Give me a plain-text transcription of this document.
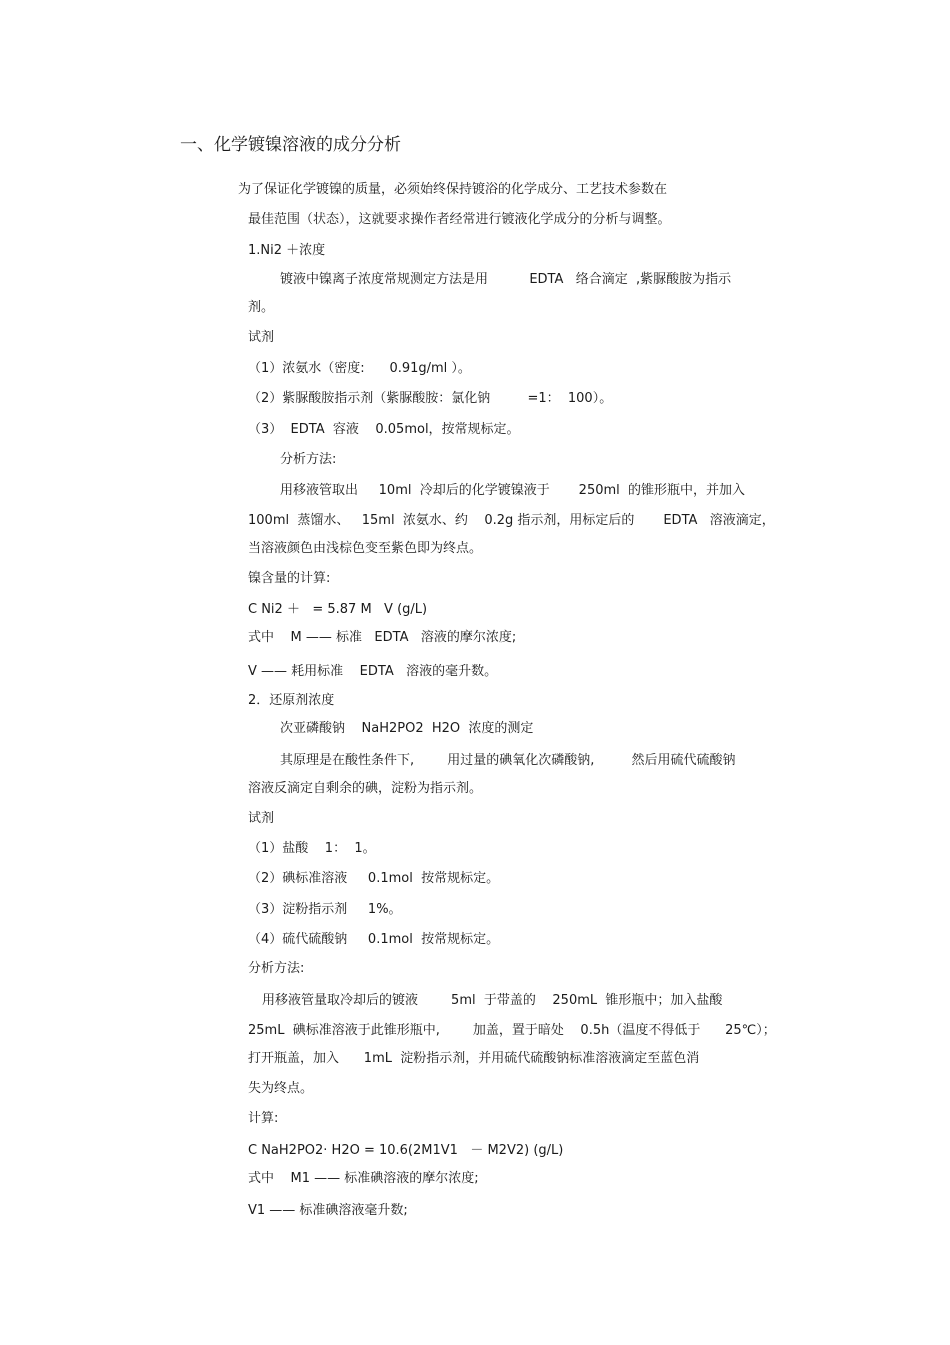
一、化学镀镍溶液的成分分析
为了保证化学镀镍的质量，必须始终保持镀浴的化学成分、工艺技术参数在
最佳范围（状态），这就要求操作者经常进行镀液化学成分的分析与调整。
1.Ni2 ＋浓度
镀液中镍离子浓度常规测定方法是用          EDTA   络合滴定  ,紫脲酸胺为指示
剂。
试剂
（1）浓氨水（密度:      0.91g/ml ）。
（2）紫脲酸胺指示剂（紫脲酸胺：氯化钠         =1：  100）。
（3）  EDTA  容液    0.05mol，按常规标定。
分析方法:
用移液管取出     10ml  冷却后的化学镀镍液于       250ml  的锥形瓶中，并加入
100ml  蒸馏水、   15ml  浓氨水、约    0.2g 指示剂，用标定后的       EDTA   溶液滴定，
当溶液颜色由浅棕色变至紫色即为终点。
镍含量的计算:
C Ni2 ＋   = 5.87 M   V (g/L)
式中    M —— 标准   EDTA   溶液的摩尔浓度;
V —— 耗用标准    EDTA   溶液的毫升数。
2．还原剂浓度
次亚磷酸钠    NaH2PO2  H2O  浓度的测定
其原理是在酸性条件下,        用过量的碘氧化次磷酸钠,         然后用硫代硫酸钠
溶液反滴定自剩余的碘，淀粉为指示剂。
试剂
（1）盐酸    1：  1。
（2）碘标准溶液     0.1mol  按常规标定。
（3）淀粉指示剂     1%。
（4）硫代硫酸钠     0.1mol  按常规标定。
分析方法:
用移液管量取冷却后的镀液        5ml  于带盖的    250mL  锥形瓶中；加入盐酸
25mL  碘标准溶液于此锥形瓶中,        加盖，置于暗处    0.5h（温度不得低于      25℃）；
打开瓶盖，加入      1mL  淀粉指示剂，并用硫代硫酸钠标准溶液滴定至蓝色消
失为终点。
计算:
C NaH2PO2· H2O = 10.6(2M1V1   － M2V2) (g/L)
式中    M1 —— 标准碘溶液的摩尔浓度;
V1 —— 标准碘溶液毫升数;
